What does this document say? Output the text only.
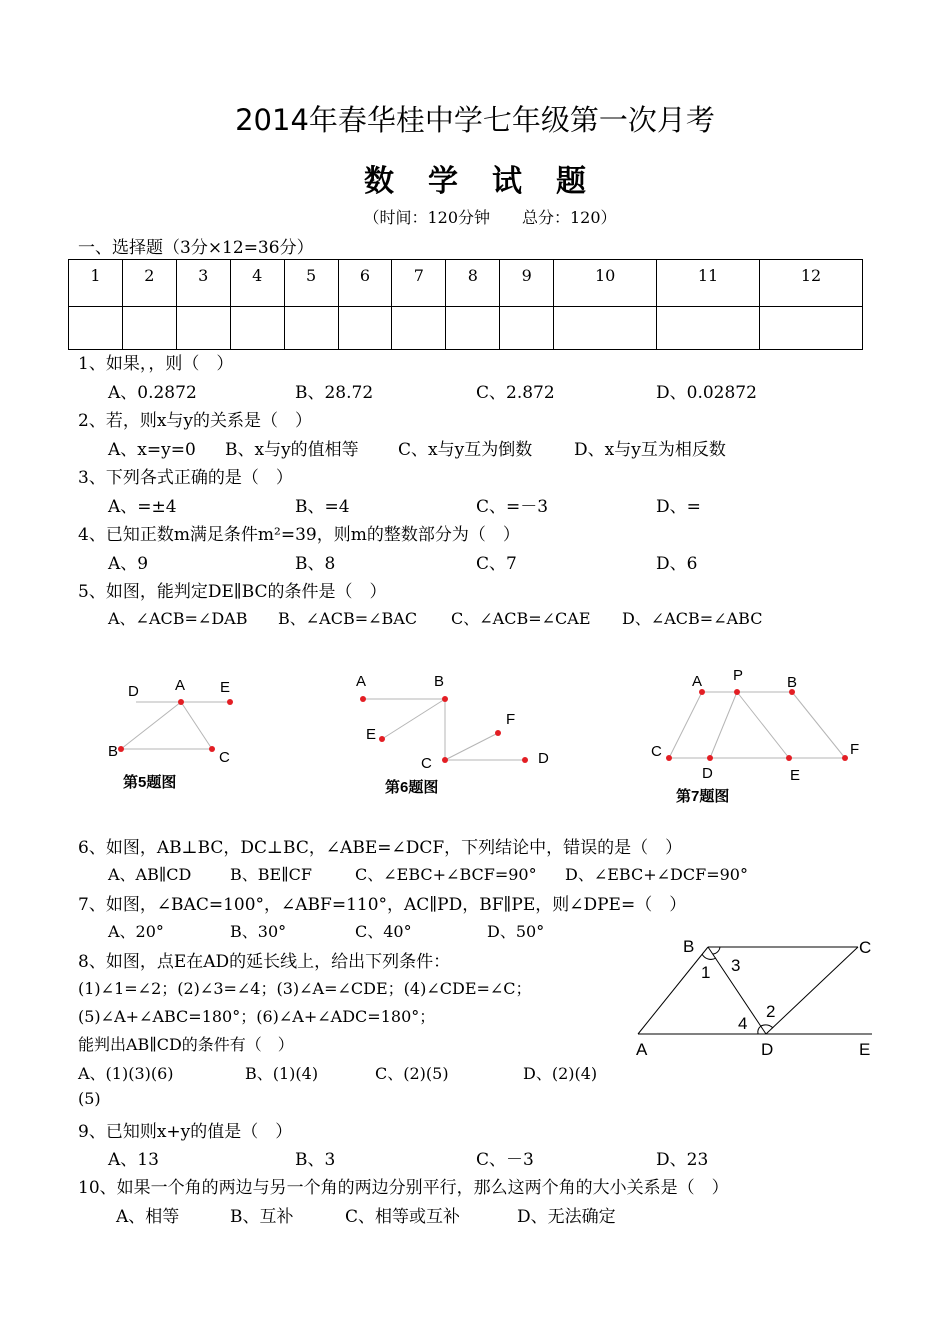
2014年春华桂中学七年级第一次月考
数学试题
（时间：120分钟　　总分：120）
一、选择题（3分×12=36分）
1	2	3	4	5	6	7	8	9	10	11	12

1、如果，，则（　）
A、0.2872	B、28.72	C、2.872	D、0.02872
2、若，则x与y的关系是（　）
A、x=y=0 B、x与y的值相等 C、x与y互为倒数 D、x与y互为相反数
3、下列各式正确的是（　）
A、=±4	B、=4	C、=－3	D、=
4、已知正数m满足条件m²=39，则m的整数部分为（　）
A、9	B、8	C、7	D、6
5、如图，能判定DE∥BC的条件是（　）
A、∠ACB=∠DAB B、∠ACB=∠BAC C、∠ACB=∠CAE D、∠ACB=∠ABC
D A E
B	C
第5题图
A	B
E
F
C	D
第6题图
A P	B
C
D	E
F
第7题图
6、如图，AB⊥BC，DC⊥BC，∠ABE=∠DCF，下列结论中，错误的是（　）
A、AB∥CD B、BE∥CF	C、∠EBC+∠BCF=90° D、∠EBC+∠DCF=90°
7、如图，∠BAC=100°，∠ABF=110°，AC∥PD，BF∥PE，则∠DPE=（　）
A、20°	B、30°	C、40°	D、50°
8、如图，点E在AD的延长线上，给出下列条件：
(1)∠1=∠2；(2)∠3=∠4；(3)∠A=∠CDE；(4)∠CDE=∠C；
(5)∠A+∠ABC=180°；(6)∠A+∠ADC=180°；
能判出AB∥CD的条件有（　）
A、(1)(3)(6)	B、(1)(4)	C、(2)(5)	D、(2)(4)
(5)
B	C
A	D	E
1 3
2
4
9、已知则x+y的值是（　）
A、13	B、3	C、－3	D、23
10、如果一个角的两边与另一个角的两边分别平行，那么这两个角的大小关系是（　）
A、相等	B、互补	C、相等或互补	D、无法确定
